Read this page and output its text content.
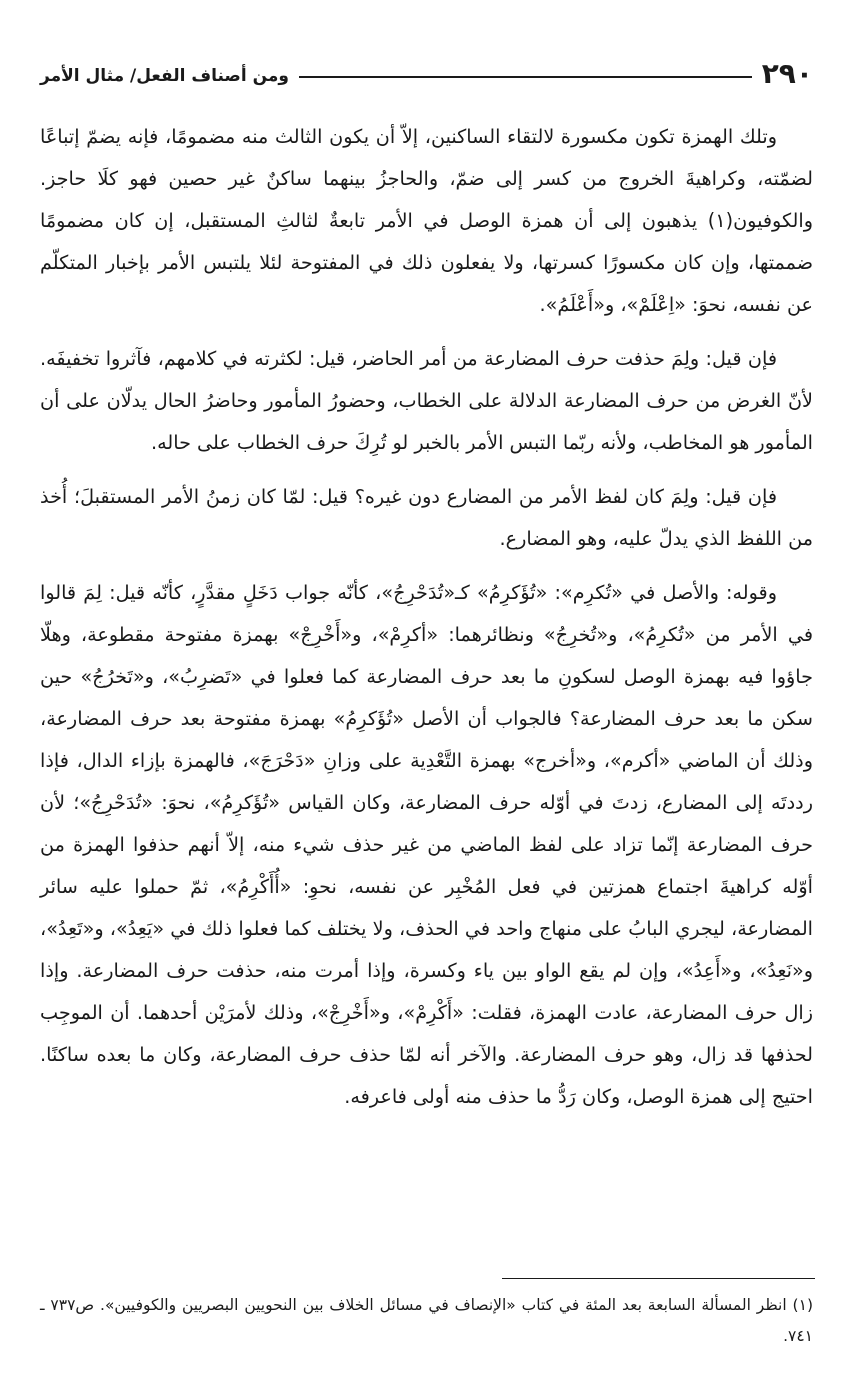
٢٩٠
ومن أصناف الفعل/ مثال الأمر

وتلك الهمزة تكون مكسورة لالتقاء الساكنين، إلاّ أن يكون الثالث منه مضمومًا، فإنه يضمّ إتباعًا لضمّته، وكراهيةَ الخروج من كسر إلى ضمّ، والحاجزُ بينهما ساكنٌ غير حصين فهو كلَا حاجز. والكوفيون(١) يذهبون إلى أن همزة الوصل في الأمر تابعةٌ لثالثِ المستقبل، إن كان مضمومًا ضممتها، وإن كان مكسورًا كسرتها، ولا يفعلون ذلك في المفتوحة لئلا يلتبس الأمر بإخبار المتكلّم عن نفسه، نحوَ: «اِعْلَمْ»، و«أَعْلَمُ».

فإن قيل: ولِمَ حذفت حرف المضارعة من أمر الحاضر، قيل: لكثرته في كلامهم، فآثروا تخفيفَه. لأنّ الغرض من حرف المضارعة الدلالة على الخطاب، وحضورُ المأمور وحاضرُ الحال يدلّان على أن المأمور هو المخاطب، ولأنه ربّما التبس الأمر بالخبر لو تُرِكَ حرف الخطاب على حاله.

فإن قيل: ولِمَ كان لفظ الأمر من المضارع دون غيره؟ قيل: لمّا كان زمنُ الأمر المستقبلَ؛ أُخذ من اللفظ الذي يدلّ عليه، وهو المضارع.

وقوله: والأصل في «تُكرِم»: «تُؤَكرِمُ» كـ«تُدَحْرِجُ»، كأنّه جواب دَخَلٍ مقدَّرٍ، كأنّه قيل: لِمَ قالوا في الأمر من «تُكرِمُ»، و«تُخرِجُ» ونظائرهما: «أكرِمْ»، و«أَخْرِجْ» بهمزة مفتوحة مقطوعة، وهلّا جاؤوا فيه بهمزة الوصل لسكونِ ما بعد حرف المضارعة كما فعلوا في «تَضرِبُ»، و«تَخرُجُ» حين سكن ما بعد حرف المضارعة؟ فالجواب أن الأصل «تُؤَكرِمُ» بهمزة مفتوحة بعد حرف المضارعة، وذلك أن الماضي «أكرم»، و«أخرج» بهمزة التَّعْدِية على وزانِ «دَحْرَجَ»، فالهمزة بإزاء الدال، فإذا رددتَه إلى المضارع، زدتَ في أوّله حرف المضارعة، وكان القياس «تُؤَكرِمُ»، نحوَ: «تُدَحْرِجُ»؛ لأن حرف المضارعة إنّما تزاد على لفظ الماضي من غير حذف شيء منه، إلاّ أنهم حذفوا الهمزة من أوّله كراهيةَ اجتماع همزتين في فعل المُخْبِر عن نفسه، نحوِ: «أُأَكْرِمُ»، ثمّ حملوا عليه سائر المضارعة، ليجري البابُ على منهاج واحد في الحذف، ولا يختلف كما فعلوا ذلك في «يَعِدُ»، و«تَعِدُ»، و«نَعِدُ»، و«أَعِدُ»، وإن لم يقع الواو بين ياء وكسرة، وإذا أمرت منه، حذفت حرف المضارعة. وإذا زال حرف المضارعة، عادت الهمزة، فقلت: «أَكْرِمْ»، و«أَخْرِجْ»، وذلك لأمرَيْن أحدهما. أن الموجِب لحذفها قد زال، وهو حرف المضارعة. والآخر أنه لمّا حذف حرف المضارعة، وكان ما بعده ساكنًا. احتيج إلى همزة الوصل، وكان رَدُّ ما حذف منه أولى فاعرفه.

(١) انظر المسألة السابعة بعد المئة في كتاب «الإنصاف في مسائل الخلاف بين النحويين البصريين والكوفيين». ص٧٣٧ ـ ٧٤١.
